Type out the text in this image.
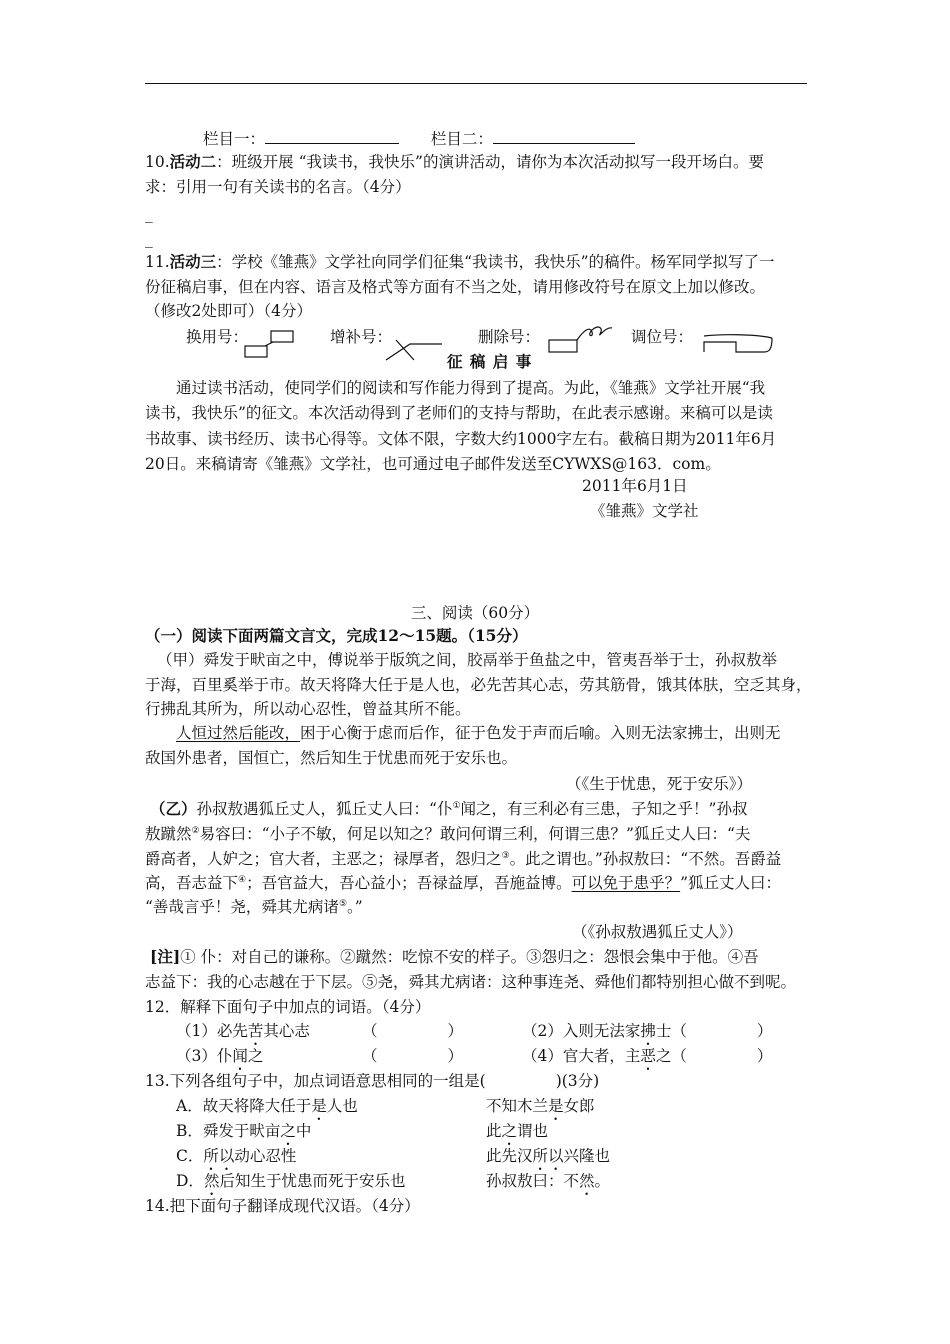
栏目一：	栏目二：
10.活动二：班级开展 “我读书，我快乐”的演讲活动，请你为本次活动拟写一段开场白。要
求：引用一句有关读书的名言。（4分）
_
_
11.活动三：学校《雏燕》文学社向同学们征集“我读书，我快乐”的稿件。杨军同学拟写了一
份征稿启事，但在内容、语言及格式等方面有不当之处，请用修改符号在原文上加以修改。
（修改2处即可）（4分）
换用号：	增补号：	删除号：	调位号：
征 稿 启 事
通过读书活动，使同学们的阅读和写作能力得到了提高。为此，《雏燕》文学社开展“我
读书，我快乐”的征文。本次活动得到了老师们的支持与帮助，在此表示感谢。来稿可以是读
书故事、读书经历、读书心得等。文体不限，字数大约1000字左右。截稿日期为2011年6月
20日。来稿请寄《雏燕》文学社，也可通过电子邮件发送至CYWXS@163．com。
2011年6月1日
《雏燕》文学社
三、阅读（60分）
（一）阅读下面两篇文言文，完成12～15题。（15分）
（甲）舜发于畎亩之中，傅说举于版筑之间，胶鬲举于鱼盐之中，管夷吾举于士，孙叔敖举
于海，百里奚举于市。故天将降大任于是人也，必先苦其心志，劳其筋骨，饿其体肤，空乏其身，
行拂乱其所为，所以动心忍性，曾益其所不能。
人恒过然后能改，困于心衡于虑而后作，征于色发于声而后喻。入则无法家拂士，出则无
敌国外患者，国恒亡，然后知生于忧患而死于安乐也。
（《生于忧患，死于安乐》）
（乙）孙叔敖遇狐丘丈人，狐丘丈人曰：“仆①闻之，有三利必有三患，子知之乎！”孙叔
敖蹴然②易容曰：“小子不敏，何足以知之？敢问何谓三利，何谓三患？”狐丘丈人曰：“夫
爵高者，人妒之；官大者，主恶之；禄厚者，怨归之③。此之谓也。”孙叔敖曰：“不然。吾爵益
高，吾志益下④；吾官益大，吾心益小；吾禄益厚，吾施益博。可以免于患乎？”狐丘丈人曰：
“善哉言乎！尧，舜其尤病诸⑤。”
（《孙叔敖遇狐丘丈人》）
[注]① 仆：对自己的谦称。②蹴然：吃惊不安的样子。③怨归之：怨恨会集中于他。④吾
志益下：我的心志越在于下层。⑤尧，舜其尤病诸：这种事连尧、舜他们都特别担心做不到呢。
12．解释下面句子中加点的词语。（4分）
（1）必先苦其心志	（	）	（2）入则无法家拂士（	）
（3）仆闻之	（	）	（4）官大者，主恶之（	）
13.下列各组句子中，加点词语意思相同的一组是(	)(3分)
A．故天将降大任于是人也	不知木兰是女郎
B．舜发于畎亩之中	此之谓也
C．所以动心忍性	此先汉所以兴隆也
D．然后知生于忧患而死于安乐也	孙叔敖曰：不然。
14.把下面句子翻译成现代汉语。（4分）
